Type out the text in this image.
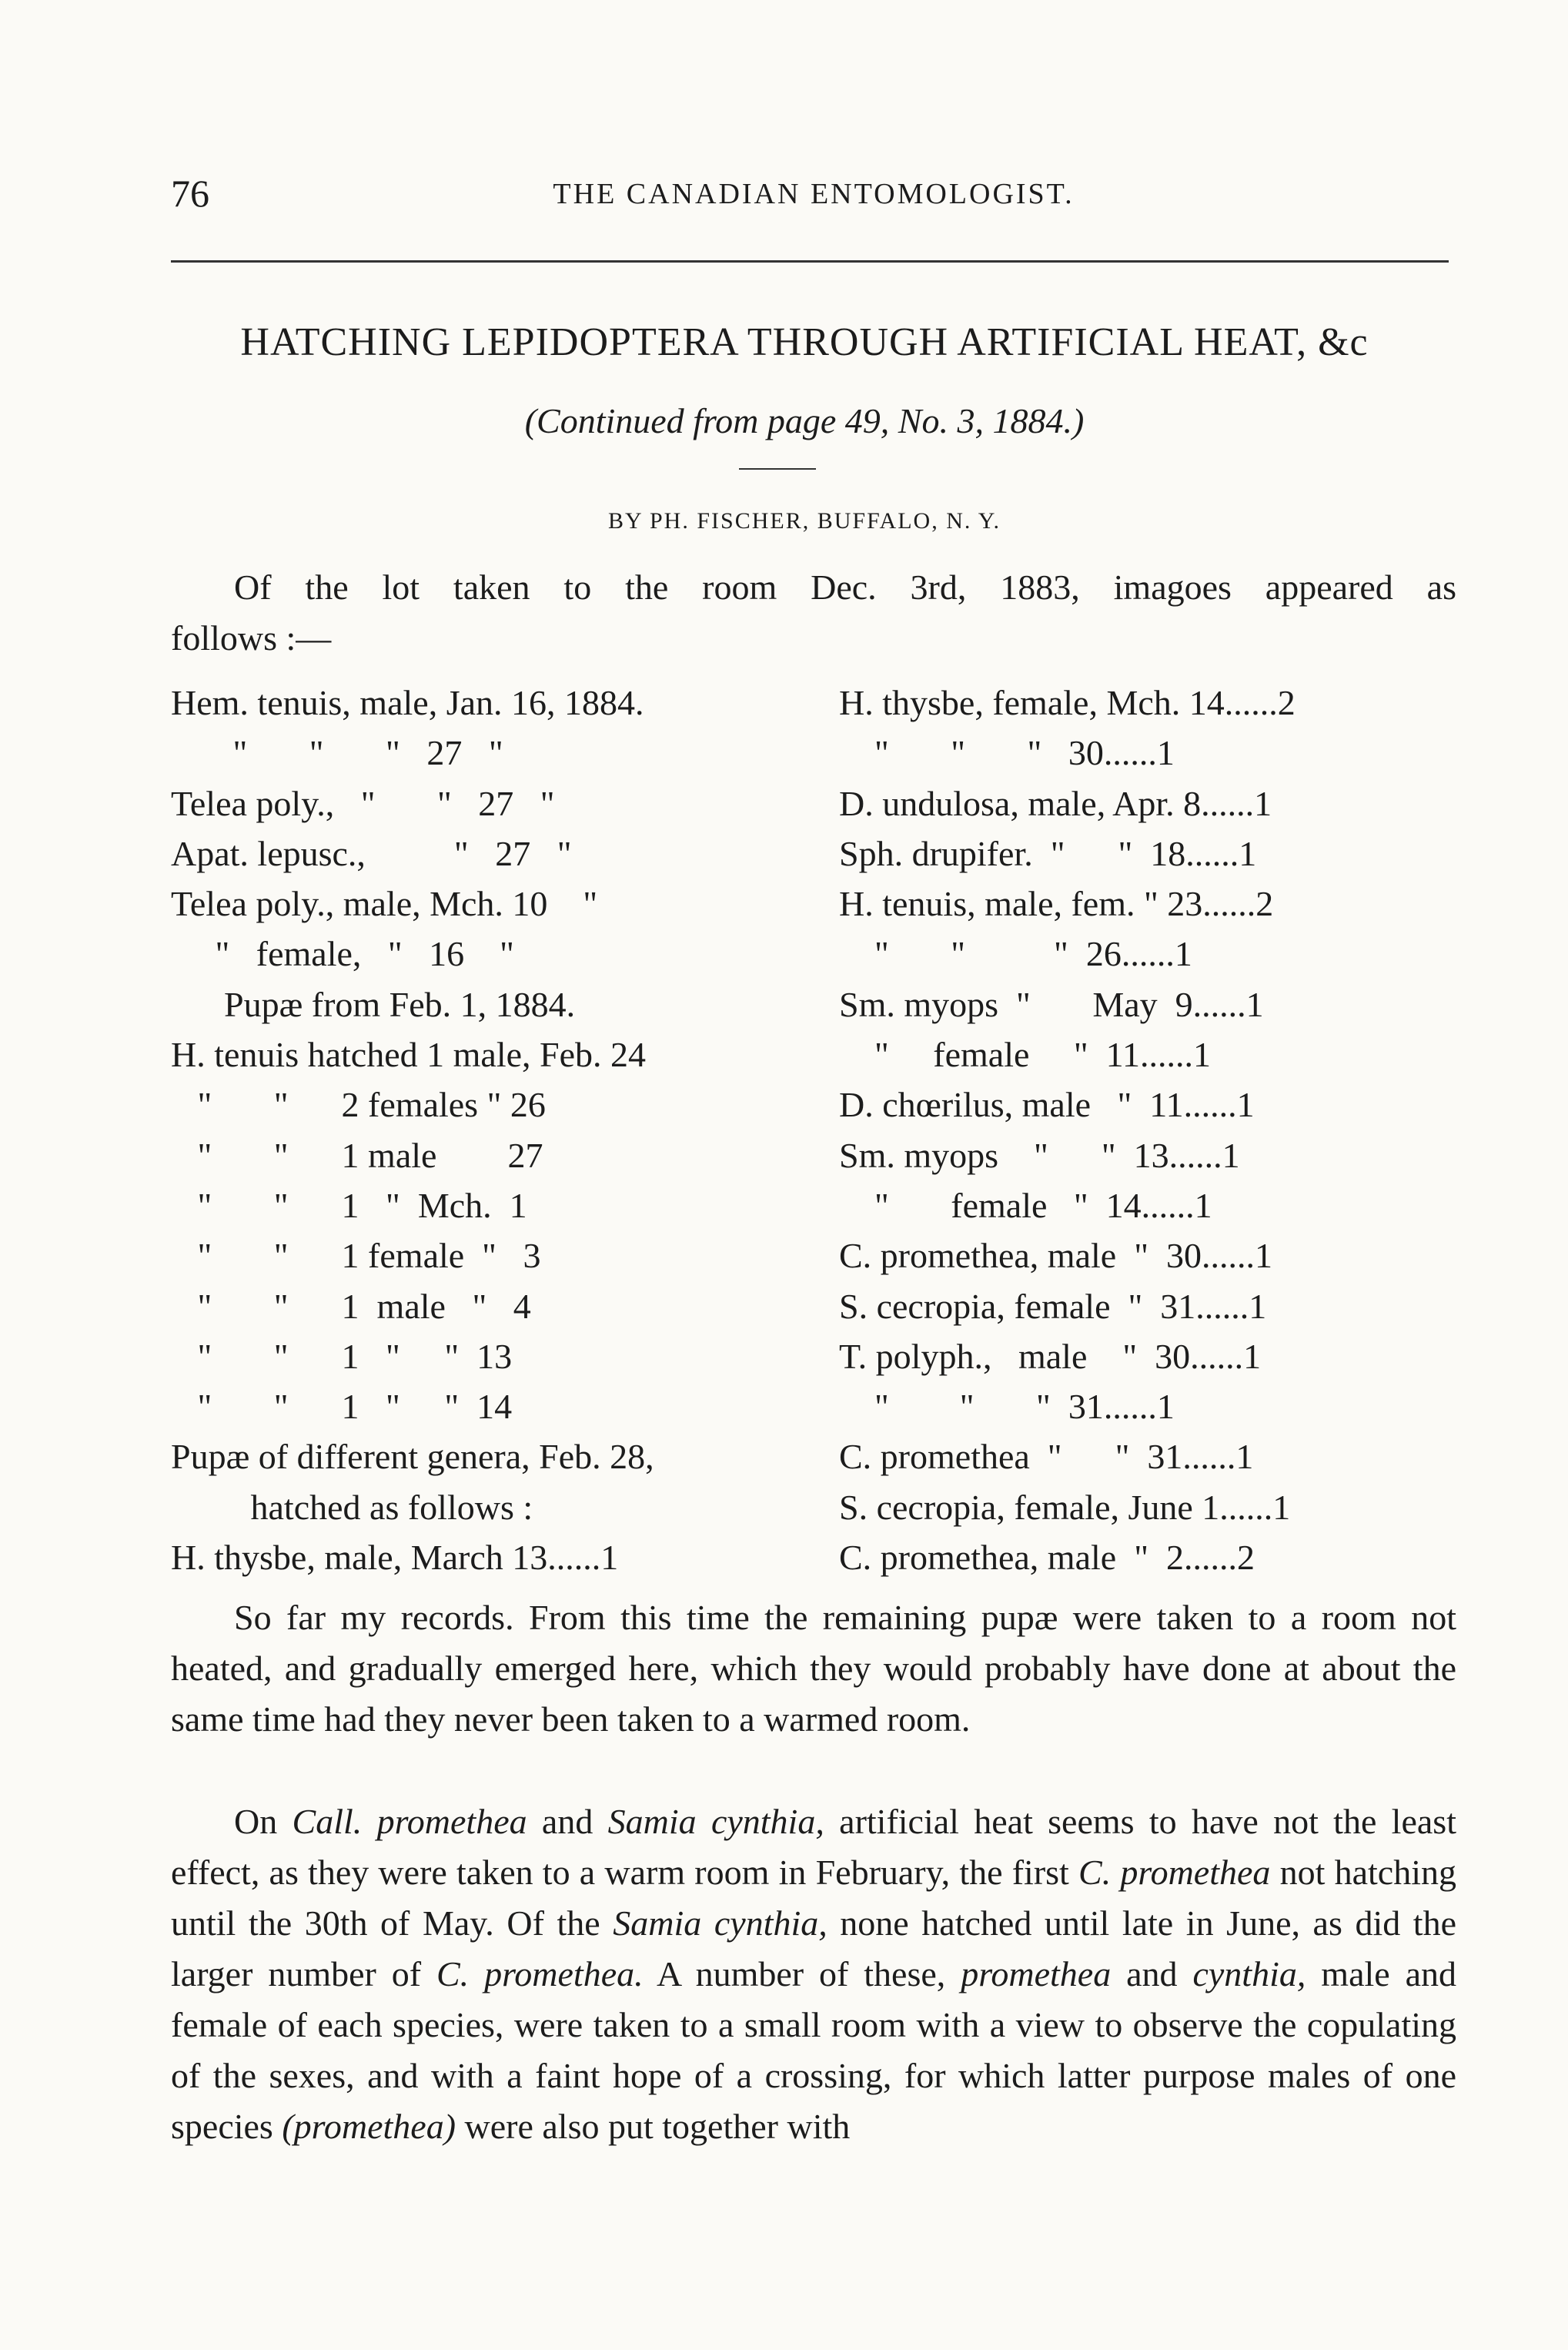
76	THE CANADIAN ENTOMOLOGIST.
HATCHING LEPIDOPTERA THROUGH ARTIFICIAL HEAT, &c
(Continued from page 49, No. 3, 1884.)
BY PH. FISCHER, BUFFALO, N. Y.
Of the lot taken to the room Dec. 3rd, 1883, imagoes appeared as
follows :—
Hem. tenuis, male, Jan. 16, 1884.
"       "       "   27   "
Telea poly.,   "       "   27   "
Apat. lepusc.,          "   27   "
Telea poly., male, Mch. 10    "
"   female,   "   16    "
Pupæ from Feb. 1, 1884.
H. tenuis hatched 1 male, Feb. 24
"       "      2 females " 26
"       "      1 male        27
"       "      1   "  Mch.  1
"       "      1 female  "   3
"       "      1  male   "   4
"       "      1   "     "  13
"       "      1   "     "  14
Pupæ of different genera, Feb. 28,
hatched as follows :
H. thysbe, male, March 13......1
H. thysbe, female, Mch. 14......2
"       "       "   30......1
D. undulosa, male, Apr. 8......1
Sph. drupifer.  "      "  18......1
H. tenuis, male, fem. " 23......2
"       "          "  26......1
Sm. myops  "       May  9......1
"     female     "  11......1
D. chœrilus, male   "  11......1
Sm. myops    "      "  13......1
"       female   "  14......1
C. promethea, male  "  30......1
S. cecropia, female  "  31......1
T. polyph.,   male    "  30......1
"        "       "  31......1
C. promethea  "      "  31......1
S. cecropia, female, June 1......1
C. promethea, male  "  2......2

So far my records. From this time the remaining pupæ were taken to a room not heated, and gradually emerged here, which they would probably have done at about the same time had they never been taken to a warmed room.

On Call. promethea and Samia cynthia, artificial heat seems to have not the least effect, as they were taken to a warm room in February, the first C. promethea not hatching until the 30th of May. Of the Samia cynthia, none hatched until late in June, as did the larger number of C. promethea. A number of these, promethea and cynthia, male and female of each species, were taken to a small room with a view to observe the copulating of the sexes, and with a faint hope of a crossing, for which latter purpose males of one species (promethea) were also put together with
